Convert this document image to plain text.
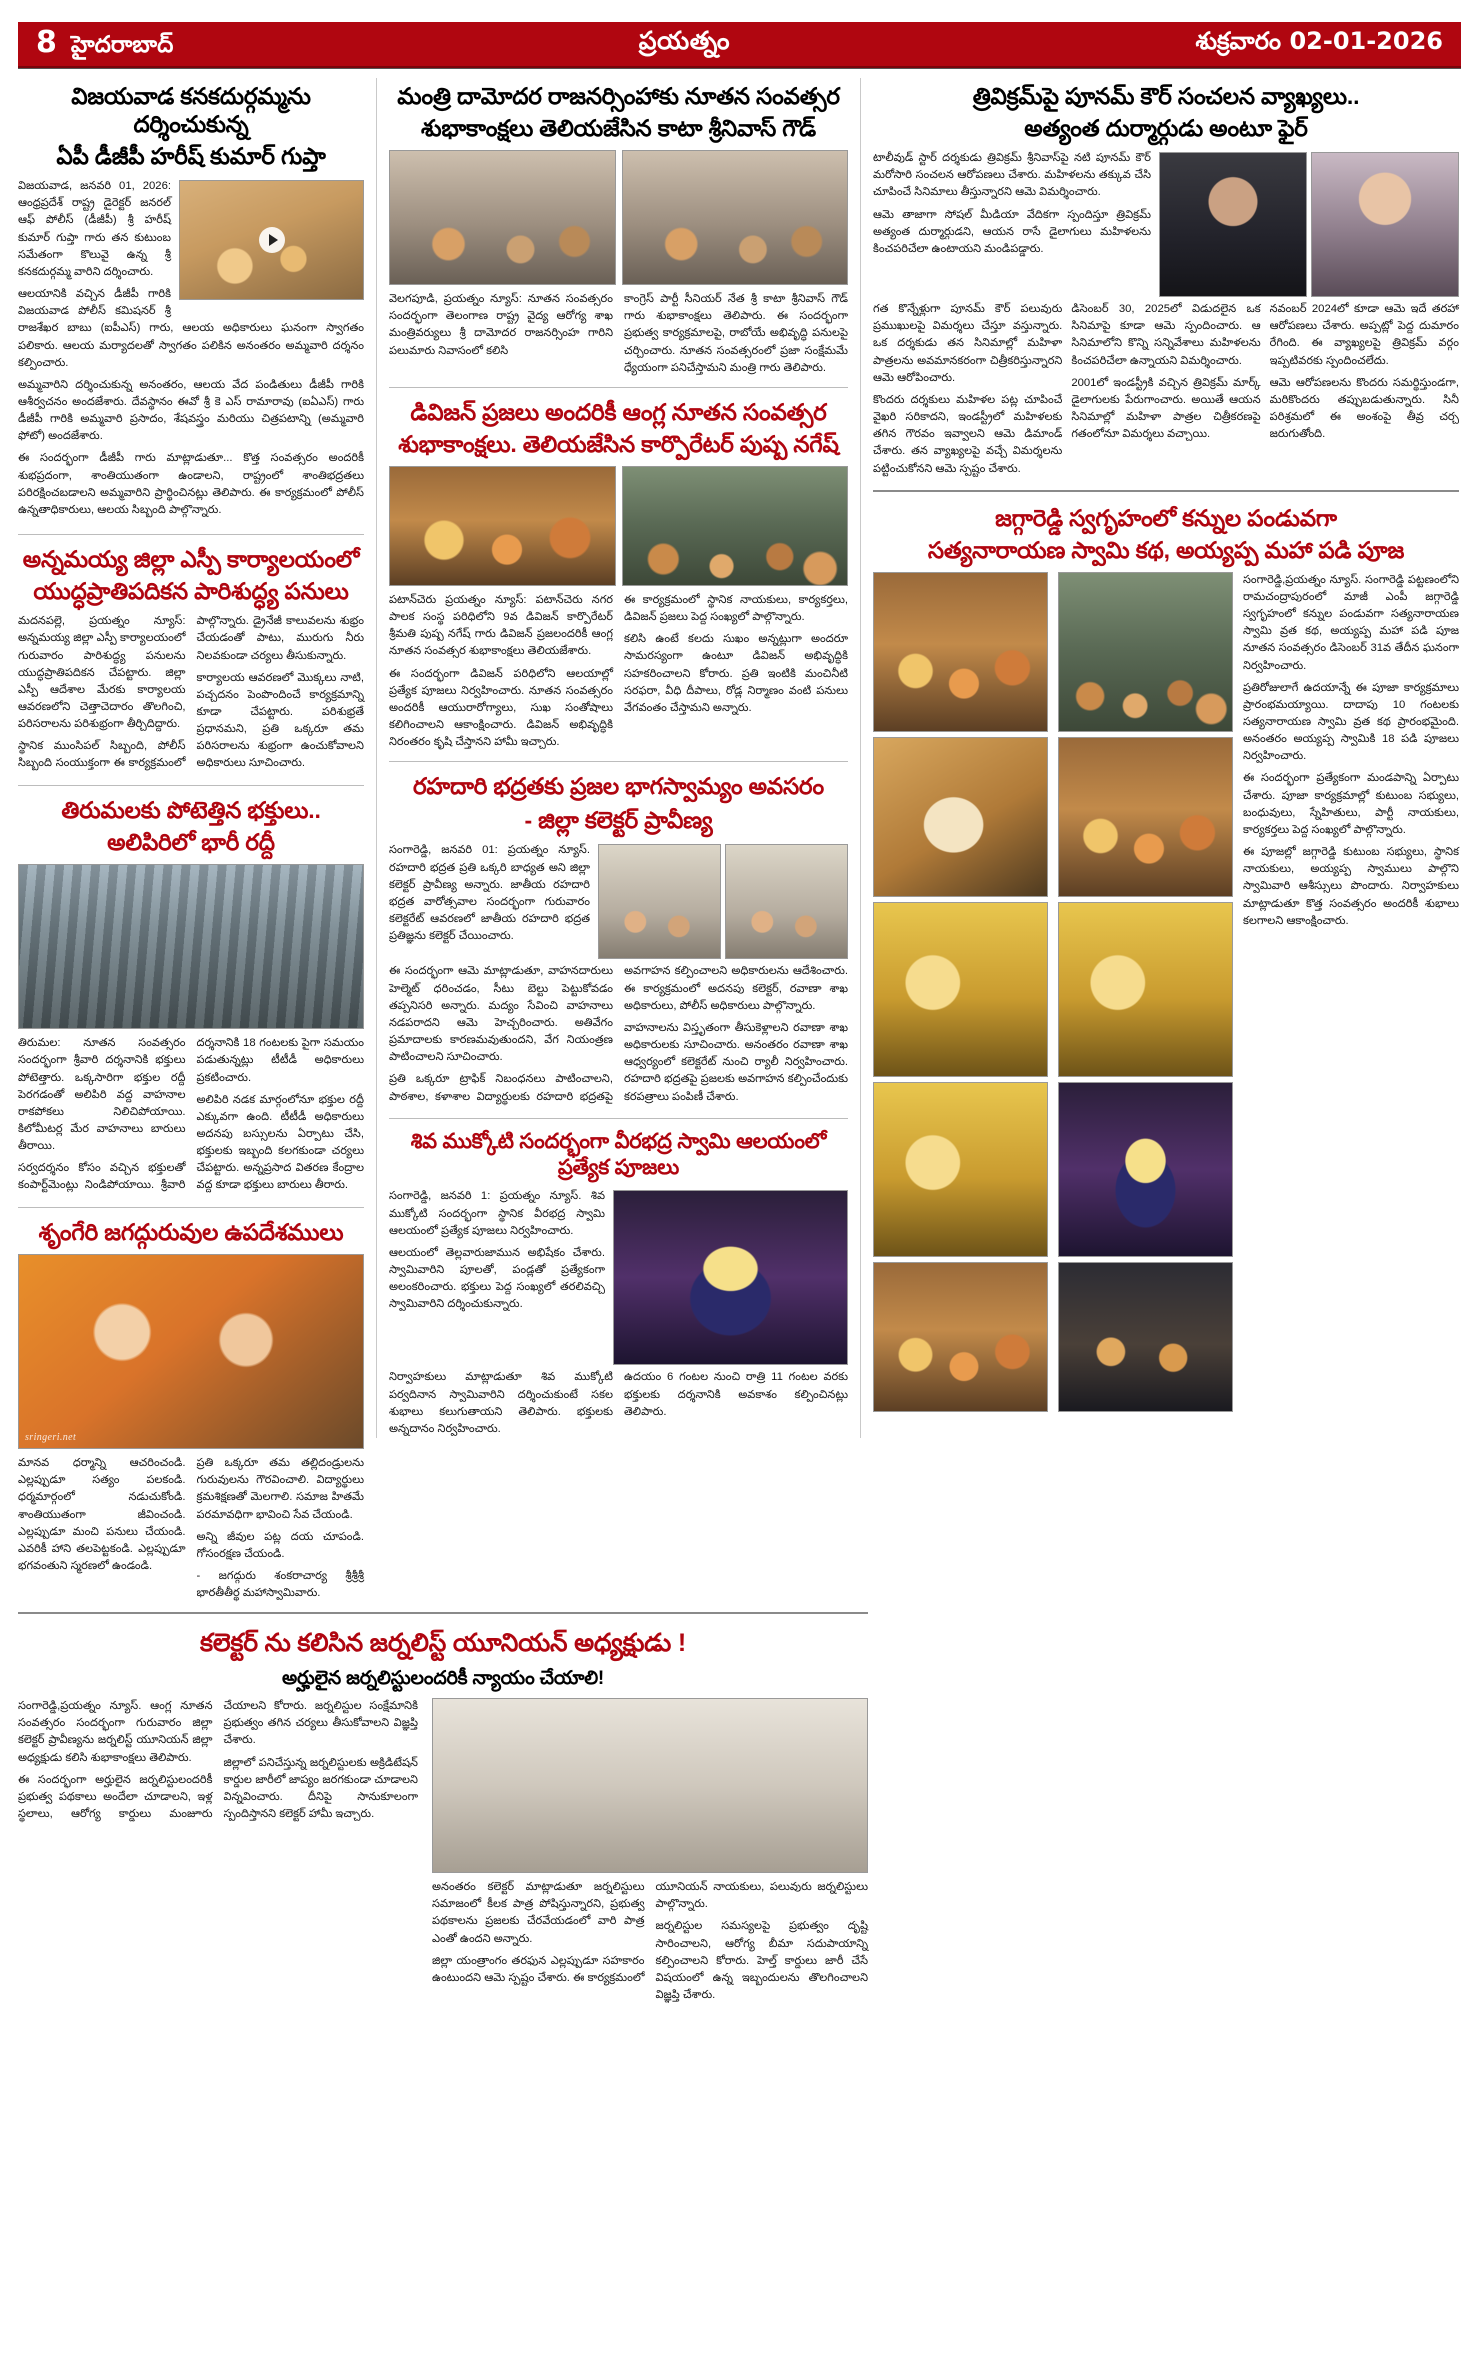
8 హైదరాబాద్	ప్రయత్నం	శుక్రవారం 02-01-2026
విజయవాడ కనకదుర్గమ్మను దర్శించుకున్న
ఏపీ డీజీపీ హరీష్ కుమార్ గుప్తా

విజయవాడ, జనవరి 01, 2026: ఆంధ్రప్రదేశ్ రాష్ట్ర డైరెక్టర్ జనరల్ ఆఫ్ పోలీస్ (డీజీపీ) శ్రీ హరీష్ కుమార్ గుప్తా గారు తన కుటుంబ సమేతంగా కొలువై ఉన్న శ్రీ కనకదుర్గమ్మ వారిని దర్శించారు.

ఆలయానికి వచ్చిన డీజీపీ గారికి విజయవాడ పోలీస్ కమిషనర్ శ్రీ రాజశేఖర బాబు (ఐపీఎస్) గారు, ఆలయ అధికారులు ఘనంగా స్వాగతం పలికారు. ఆలయ మర్యాదలతో స్వాగతం పలికిన అనంతరం అమ్మవారి దర్శనం కల్పించారు.

అమ్మవారిని దర్శించుకున్న అనంతరం, ఆలయ వేద పండితులు డీజీపీ గారికి ఆశీర్వచనం అందజేశారు. దేవస్థానం ఈవో శ్రీ కె ఎస్ రామారావు (ఐఏఎస్) గారు డీజీపీ గారికి అమ్మవారి ప్రసాదం, శేషవస్త్రం మరియు చిత్రపటాన్ని (అమ్మవారి ఫోటో) అందజేశారు.

ఈ సందర్భంగా డీజీపీ గారు మాట్లాడుతూ... కొత్త సంవత్సరం అందరికీ శుభప్రదంగా, శాంతియుతంగా ఉండాలని, రాష్ట్రంలో శాంతిభద్రతలు పరిరక్షించబడాలని అమ్మవారిని ప్రార్థించినట్లు తెలిపారు. ఈ కార్యక్రమంలో పోలీస్ ఉన్నతాధికారులు, ఆలయ సిబ్బంది పాల్గొన్నారు.

అన్నమయ్య జిల్లా ఎస్పీ కార్యాలయంలో
యుద్ధప్రాతిపదికన పారిశుద్ధ్య పనులు

మదనపల్లె, ప్రయత్నం న్యూస్: అన్నమయ్య జిల్లా ఎస్పీ కార్యాలయంలో గురువారం పారిశుద్ధ్య పనులను యుద్ధప్రాతిపదికన చేపట్టారు. జిల్లా ఎస్పీ ఆదేశాల మేరకు కార్యాలయ ఆవరణలోని చెత్తాచెదారం తొలగించి, పరిసరాలను పరిశుభ్రంగా తీర్చిదిద్దారు.

స్థానిక ముంసిపల్ సిబ్బంది, పోలీస్ సిబ్బంది సంయుక్తంగా ఈ కార్యక్రమంలో పాల్గొన్నారు. డ్రైనేజీ కాలువలను శుభ్రం చేయడంతో పాటు, మురుగు నీరు నిలవకుండా చర్యలు తీసుకున్నారు.

కార్యాలయ ఆవరణలో మొక్కలు నాటి, పచ్చదనం పెంపొందించే కార్యక్రమాన్ని కూడా చేపట్టారు. పరిశుభ్రతే ప్రధానమని, ప్రతి ఒక్కరూ తమ పరిసరాలను శుభ్రంగా ఉంచుకోవాలని అధికారులు సూచించారు.

తిరుమలకు పోటెత్తిన భక్తులు..
అలిపిరిలో భారీ రద్దీ

తిరుమల: నూతన సంవత్సరం సందర్భంగా శ్రీవారి దర్శనానికి భక్తులు పోటెత్తారు. ఒక్కసారిగా భక్తుల రద్దీ పెరగడంతో అలిపిరి వద్ద వాహనాల రాకపోకలు నిలిచిపోయాయి. కిలోమీటర్ల మేర వాహనాలు బారులు తీరాయి.

సర్వదర్శనం కోసం వచ్చిన భక్తులతో కంపార్ట్‌మెంట్లు నిండిపోయాయి. శ్రీవారి దర్శనానికి 18 గంటలకు పైగా సమయం పడుతున్నట్లు టీటీడీ అధికారులు ప్రకటించారు.

అలిపిరి నడక మార్గంలోనూ భక్తుల రద్దీ ఎక్కువగా ఉంది. టీటీడీ అధికారులు అదనపు బస్సులను ఏర్పాటు చేసి, భక్తులకు ఇబ్బంది కలగకుండా చర్యలు చేపట్టారు. అన్నప్రసాద వితరణ కేంద్రాల వద్ద కూడా భక్తులు బారులు తీరారు.

శృంగేరి జగద్గురువుల ఉపదేశములు
sringeri.net

మానవ ధర్మాన్ని ఆచరించండి. ఎల్లప్పుడూ సత్యం పలకండి. ధర్మమార్గంలో నడుచుకోండి. శాంతియుతంగా జీవించండి. ఎల్లప్పుడూ మంచి పనులు చేయండి. ఎవరికీ హాని తలపెట్టకండి. ఎల్లప్పుడూ భగవంతుని స్మరణలో ఉండండి.

ప్రతి ఒక్కరూ తమ తల్లిదండ్రులను గురువులను గౌరవించాలి. విద్యార్థులు క్రమశిక్షణతో మెలగాలి. సమాజ హితమే పరమావధిగా భావించి సేవ చేయండి.

అన్ని జీవుల పట్ల దయ చూపండి. గోసంరక్షణ చేయండి.

- జగద్గురు శంకరాచార్య శ్రీశ్రీశ్రీ భారతీతీర్థ మహాస్వామివారు.

మంత్రి దామోదర రాజనర్సింహాకు నూతన సంవత్సర
శుభాకాంక్షలు తెలియజేసిన కాటా శ్రీనివాస్ గౌడ్

వెలగపూడి, ప్రయత్నం న్యూస్: నూతన సంవత్సరం సందర్భంగా తెలంగాణ రాష్ట్ర వైద్య ఆరోగ్య శాఖ మంత్రివర్యులు శ్రీ దామోదర రాజనర్సింహ గారిని పలుమారు నివాసంలో కలిసి

కాంగ్రెస్ పార్టీ సీనియర్ నేత శ్రీ కాటా శ్రీనివాస్ గౌడ్ గారు శుభాకాంక్షలు తెలిపారు. ఈ సందర్భంగా ప్రభుత్వ కార్యక్రమాలపై, రాబోయే అభివృద్ధి పనులపై చర్చించారు. నూతన సంవత్సరంలో ప్రజా సంక్షేమమే ధ్యేయంగా పనిచేస్తామని మంత్రి గారు తెలిపారు.

డివిజన్ ప్రజలు అందరికీ ఆంగ్ల నూతన సంవత్సర
శుభాకాంక్షలు. తెలియజేసిన కార్పొరేటర్ పుష్ప నగేష్

పటాన్‌చెరు ప్రయత్నం న్యూస్: పటాన్‌చెరు నగర పాలక సంస్థ పరిధిలోని 9వ డివిజన్ కార్పొరేటర్ శ్రీమతి పుష్ప నగేష్ గారు డివిజన్ ప్రజలందరికీ ఆంగ్ల నూతన సంవత్సర శుభాకాంక్షలు తెలియజేశారు.

ఈ సందర్భంగా డివిజన్ పరిధిలోని ఆలయాల్లో ప్రత్యేక పూజలు నిర్వహించారు. నూతన సంవత్సరం అందరికీ ఆయురారోగ్యాలు, సుఖ సంతోషాలు కలిగించాలని ఆకాంక్షించారు. డివిజన్ అభివృద్ధికి నిరంతరం కృషి చేస్తానని హామీ ఇచ్చారు.

ఈ కార్యక్రమంలో స్థానిక నాయకులు, కార్యకర్తలు, డివిజన్ ప్రజలు పెద్ద సంఖ్యలో పాల్గొన్నారు.

కలిసి ఉంటే కలదు సుఖం అన్నట్లుగా అందరూ సామరస్యంగా ఉంటూ డివిజన్ అభివృద్ధికి సహకరించాలని కోరారు. ప్రతి ఇంటికి మంచినీటి సరఫరా, వీధి దీపాలు, రోడ్ల నిర్మాణం వంటి పనులు వేగవంతం చేస్తామని అన్నారు.

రహదారి భద్రతకు ప్రజల భాగస్వామ్యం అవసరం
- జిల్లా కలెక్టర్ ప్రావీణ్య

సంగారెడ్డి, జనవరి 01: ప్రయత్నం న్యూస్. రహదారి భద్రత ప్రతి ఒక్కరి బాధ్యత అని జిల్లా కలెక్టర్ ప్రావీణ్య అన్నారు. జాతీయ రహదారి భద్రత వారోత్సవాల సందర్భంగా గురువారం కలెక్టరేట్ ఆవరణలో జాతీయ రహదారి భద్రత ప్రతిజ్ఞను కలెక్టర్ చేయించారు.

ఈ సందర్భంగా ఆమె మాట్లాడుతూ, వాహనదారులు హెల్మెట్ ధరించడం, సీటు బెల్టు పెట్టుకోవడం తప్పనిసరి అన్నారు. మద్యం సేవించి వాహనాలు నడపరాదని ఆమె హెచ్చరించారు. అతివేగం ప్రమాదాలకు కారణమవుతుందని, వేగ నియంత్రణ పాటించాలని సూచించారు.

ప్రతి ఒక్కరూ ట్రాఫిక్ నిబంధనలు పాటించాలని, పాఠశాల, కళాశాల విద్యార్థులకు రహదారి భద్రతపై అవగాహన కల్పించాలని అధికారులను ఆదేశించారు. ఈ కార్యక్రమంలో అదనపు కలెక్టర్, రవాణా శాఖ అధికారులు, పోలీస్ అధికారులు పాల్గొన్నారు.

వాహనాలను విస్తృతంగా తీసుకెళ్లాలని రవాణా శాఖ అధికారులకు సూచించారు. అనంతరం రవాణా శాఖ ఆధ్వర్యంలో కలెక్టరేట్ నుంచి ర్యాలీ నిర్వహించారు. రహదారి భద్రతపై ప్రజలకు అవగాహన కల్పించేందుకు కరపత్రాలు పంపిణీ చేశారు.

శివ ముక్కోటి సందర్భంగా వీరభద్ర స్వామి ఆలయంలో ప్రత్యేక పూజలు

సంగారెడ్డి, జనవరి 1: ప్రయత్నం న్యూస్. శివ ముక్కోటి సందర్భంగా స్థానిక వీరభద్ర స్వామి ఆలయంలో ప్రత్యేక పూజలు నిర్వహించారు.

ఆలయంలో తెల్లవారుజామున అభిషేకం చేశారు. స్వామివారిని పూలతో, పండ్లతో ప్రత్యేకంగా అలంకరించారు. భక్తులు పెద్ద సంఖ్యలో తరలివచ్చి స్వామివారిని దర్శించుకున్నారు.

నిర్వాహకులు మాట్లాడుతూ శివ ముక్కోటి పర్వదినాన స్వామివారిని దర్శించుకుంటే సకల శుభాలు కలుగుతాయని తెలిపారు. భక్తులకు అన్నదానం నిర్వహించారు.

ఉదయం 6 గంటల నుంచి రాత్రి 11 గంటల వరకు భక్తులకు దర్శనానికి అవకాశం కల్పించినట్లు తెలిపారు.

త్రివిక్రమ్‌పై పూనమ్ కౌర్ సంచలన వ్యాఖ్యలు..
అత్యంత దుర్మార్గుడు అంటూ ఫైర్

టాలీవుడ్ స్టార్ దర్శకుడు త్రివిక్రమ్ శ్రీనివాస్‌పై నటి పూనమ్ కౌర్ మరోసారి సంచలన ఆరోపణలు చేశారు. మహిళలను తక్కువ చేసి చూపించే సినిమాలు తీస్తున్నారని ఆమె విమర్శించారు.

ఆమె తాజాగా సోషల్ మీడియా వేదికగా స్పందిస్తూ త్రివిక్రమ్ అత్యంత దుర్మార్గుడని, ఆయన రాసే డైలాగులు మహిళలను కించపరిచేలా ఉంటాయని మండిపడ్డారు.

గత కొన్నేళ్లుగా పూనమ్ కౌర్ పలువురు ప్రముఖులపై విమర్శలు చేస్తూ వస్తున్నారు. ఒక దర్శకుడు తన సినిమాల్లో మహిళా పాత్రలను అవమానకరంగా చిత్రీకరిస్తున్నారని ఆమె ఆరోపించారు.

కొందరు దర్శకులు మహిళల పట్ల చూపించే వైఖరి సరికాదని, ఇండస్ట్రీలో మహిళలకు తగిన గౌరవం ఇవ్వాలని ఆమె డిమాండ్ చేశారు. తన వ్యాఖ్యలపై వచ్చే విమర్శలను పట్టించుకోనని ఆమె స్పష్టం చేశారు.

డిసెంబర్ 30, 2025లో విడుదలైన ఒక సినిమాపై కూడా ఆమె స్పందించారు. ఆ సినిమాలోని కొన్ని సన్నివేశాలు మహిళలను కించపరిచేలా ఉన్నాయని విమర్శించారు.

2001లో ఇండస్ట్రీకి వచ్చిన త్రివిక్రమ్ మార్క్ డైలాగులకు పేరుగాంచారు. అయితే ఆయన సినిమాల్లో మహిళా పాత్రల చిత్రీకరణపై గతంలోనూ విమర్శలు వచ్చాయి.

నవంబర్ 2024లో కూడా ఆమె ఇదే తరహా ఆరోపణలు చేశారు. అప్పట్లో పెద్ద దుమారం రేగింది. ఈ వ్యాఖ్యలపై త్రివిక్రమ్ వర్గం ఇప్పటివరకు స్పందించలేదు.

ఆమె ఆరోపణలను కొందరు సమర్థిస్తుండగా, మరికొందరు తప్పుబడుతున్నారు. సినీ పరిశ్రమలో ఈ అంశంపై తీవ్ర చర్చ జరుగుతోంది.

జగ్గారెడ్డి స్వగృహంలో కన్నుల పండువగా
సత్యనారాయణ స్వామి కథ, అయ్యప్ప మహా పడి పూజ

సంగారెడ్డి,ప్రయత్నం న్యూస్. సంగారెడ్డి పట్టణంలోని రామచంద్రాపురంలో మాజీ ఎంపీ జగ్గారెడ్డి స్వగృహంలో కన్నుల పండువగా సత్యనారాయణ స్వామి వ్రత కథ, అయ్యప్ప మహా పడి పూజ నూతన సంవత్సరం డిసెంబర్ 31వ తేదీన ఘనంగా నిర్వహించారు.

ప్రతిరోజులాగే ఉదయాన్నే ఈ పూజా కార్యక్రమాలు ప్రారంభమయ్యాయి. దాదాపు 10 గంటలకు సత్యనారాయణ స్వామి వ్రత కథ ప్రారంభమైంది. అనంతరం అయ్యప్ప స్వామికి 18 పడి పూజలు నిర్వహించారు.

ఈ సందర్భంగా ప్రత్యేకంగా మండపాన్ని ఏర్పాటు చేశారు. పూజా కార్యక్రమాల్లో కుటుంబ సభ్యులు, బంధువులు, స్నేహితులు, పార్టీ నాయకులు, కార్యకర్తలు పెద్ద సంఖ్యలో పాల్గొన్నారు.

ఈ పూజల్లో జగ్గారెడ్డి కుటుంబ సభ్యులు, స్థానిక నాయకులు, అయ్యప్ప స్వాములు పాల్గొని స్వామివారి ఆశీస్సులు పొందారు. నిర్వాహకులు మాట్లాడుతూ కొత్త సంవత్సరం అందరికీ శుభాలు కలగాలని ఆకాంక్షించారు.

కలెక్టర్ ను కలిసిన జర్నలిస్ట్ యూనియన్ అధ్యక్షుడు !
అర్హులైన జర్నలిస్టులందరికీ న్యాయం చేయాలి!

సంగారెడ్డి,ప్రయత్నం న్యూస్. ఆంగ్ల నూతన సంవత్సరం సందర్భంగా గురువారం జిల్లా కలెక్టర్ ప్రావీణ్యను జర్నలిస్ట్ యూనియన్ జిల్లా అధ్యక్షుడు కలిసి శుభాకాంక్షలు తెలిపారు.

ఈ సందర్భంగా అర్హులైన జర్నలిస్టులందరికీ ప్రభుత్వ పథకాలు అందేలా చూడాలని, ఇళ్ల స్థలాలు, ఆరోగ్య కార్డులు మంజూరు చేయాలని కోరారు. జర్నలిస్టుల సంక్షేమానికి ప్రభుత్వం తగిన చర్యలు తీసుకోవాలని విజ్ఞప్తి చేశారు.

జిల్లాలో పనిచేస్తున్న జర్నలిస్టులకు అక్రిడిటేషన్ కార్డుల జారీలో జాప్యం జరగకుండా చూడాలని విన్నవించారు. దీనిపై సానుకూలంగా స్పందిస్తానని కలెక్టర్ హామీ ఇచ్చారు.

అనంతరం కలెక్టర్ మాట్లాడుతూ జర్నలిస్టులు సమాజంలో కీలక పాత్ర పోషిస్తున్నారని, ప్రభుత్వ పథకాలను ప్రజలకు చేరవేయడంలో వారి పాత్ర ఎంతో ఉందని అన్నారు.

జిల్లా యంత్రాంగం తరఫున ఎల్లప్పుడూ సహకారం ఉంటుందని ఆమె స్పష్టం చేశారు. ఈ కార్యక్రమంలో యూనియన్ నాయకులు, పలువురు జర్నలిస్టులు పాల్గొన్నారు.

జర్నలిస్టుల సమస్యలపై ప్రభుత్వం దృష్టి సారించాలని, ఆరోగ్య బీమా సదుపాయాన్ని కల్పించాలని కోరారు. హెల్త్ కార్డులు జారీ చేసే విషయంలో ఉన్న ఇబ్బందులను తొలగించాలని విజ్ఞప్తి చేశారు.
